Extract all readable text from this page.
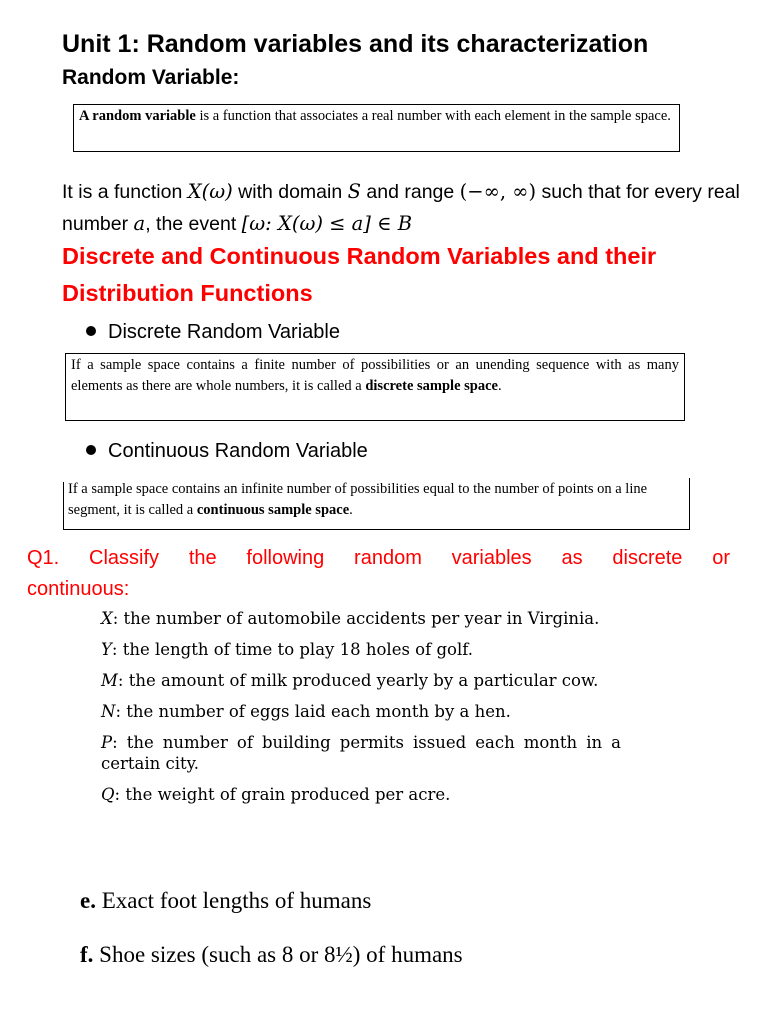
Unit 1: Random variables and its characterization
Random Variable:
A random variable is a function that associates a real number with each element in the sample space.
It is a function X(ω) with domain S and range (−∞, ∞) such that for every real number a, the event [ω: X(ω) ≤ a] ∈ B
Discrete and Continuous Random Variables and their Distribution Functions
Discrete Random Variable
If a sample space contains a finite number of possibilities or an unending sequence with as many elements as there are whole numbers, it is called a discrete sample space.
Continuous Random Variable
If a sample space contains an infinite number of possibilities equal to the number of points on a line segment, it is called a continuous sample space.
Q1. Classify the following random variables as discrete or
continuous:
X: the number of automobile accidents per year in Virginia.
Y: the length of time to play 18 holes of golf.
M: the amount of milk produced yearly by a particular cow.
N: the number of eggs laid each month by a hen.
P: the number of building permits issued each month in a certain city.
Q: the weight of grain produced per acre.
e. Exact foot lengths of humans
f. Shoe sizes (such as 8 or 8½) of humans
